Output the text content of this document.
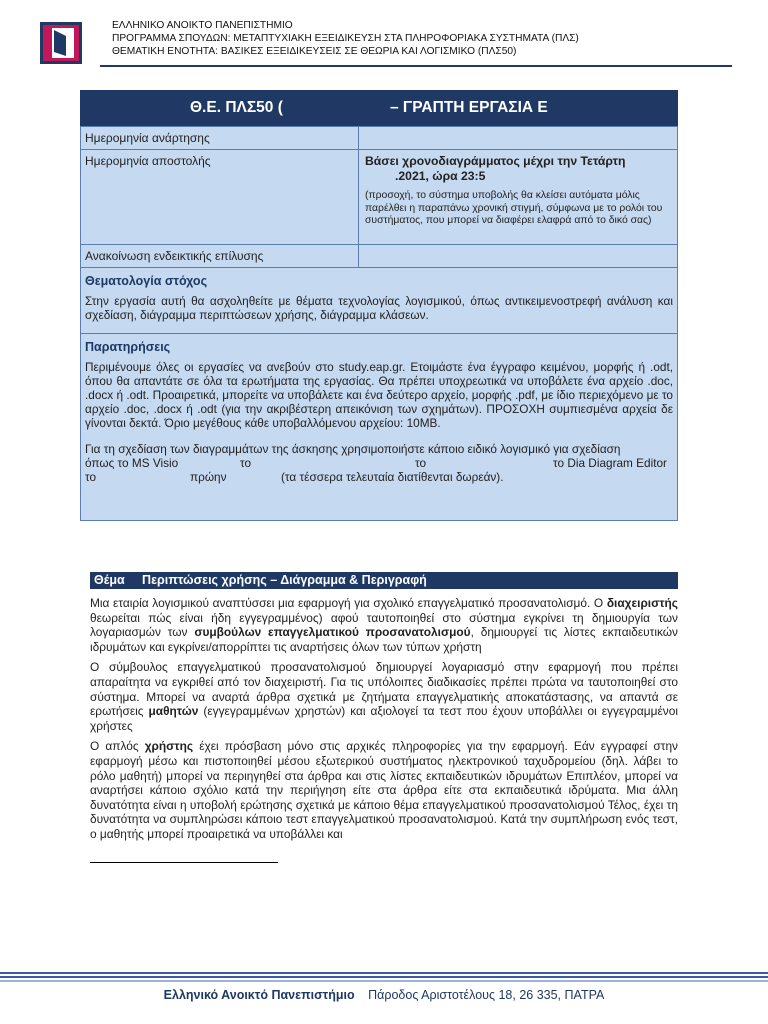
ΕΛΛΗΝΙΚΟ ΑΝΟΙΚΤΟ ΠΑΝΕΠΙΣΤΗΜΙΟ
ΠΡΟΓΡΑΜΜΑ ΣΠΟΥΔΩΝ: ΜΕΤΑΠΤΥΧΙΑΚΗ ΕΞΕΙΔΙΚΕΥΣΗ ΣΤΑ ΠΛΗΡΟΦΟΡΙΑΚΑ ΣΥΣΤΗΜΑΤΑ (ΠΛΣ)
ΘΕΜΑΤΙΚΗ ΕΝΟΤΗΤΑ: ΒΑΣΙΚΕΣ ΕΞΕΙΔΙΚΕΥΣΕΙΣ ΣΕ ΘΕΩΡΙΑ ΚΑΙ ΛΟΓΙΣΜΙΚΟ (ΠΛΣ50)
Θ.Ε. ΠΛΣ50 (	– ΓΡΑΠΤΗ ΕΡΓΑΣΙΑ Ε
Ημερομηνία ανάρτησης
Ημερομηνία αποστολής	Βάσει χρονοδιαγράμματος μέχρι την Τετάρτη
.2021, ώρα 23:5
(προσοχή, το σύστημα υποβολής θα κλείσει αυτόματα μόλις παρέλθει η παραπάνω χρονική στιγμή, σύμφωνα με το ρολόι του συστήματος, που μπορεί να διαφέρει ελαφρά από το δικό σας)
Ανακοίνωση ενδεικτικής επίλυσης
Θεματολογία στόχος
Στην εργασία αυτή θα ασχοληθείτε με θέματα τεχνολογίας λογισμικού, όπως αντικειμενοστρεφή ανάλυση και σχεδίαση, διάγραμμα περιπτώσεων χρήσης, διάγραμμα κλάσεων.
Παρατηρήσεις

Περιμένουμε όλες οι εργασίες να ανεβούν στο study.eap.gr. Ετοιμάστε ένα έγγραφο κειμένου, μορφής ή .odt, όπου θα απαντάτε σε όλα τα ερωτήματα της εργασίας. Θα πρέπει υποχρεωτικά να υποβάλετε ένα αρχείο .doc, .docx ή .odt. Προαιρετικά, μπορείτε να υποβάλετε και ένα δεύτερο αρχείο, μορφής .pdf, με ίδιο περιεχόμενο με το αρχείο .doc, .docx ή .odt (για την ακριβέστερη απεικόνιση των σχημάτων). ΠΡΟΣΟΧΗ συμπιεσμένα αρχεία δε γίνονται δεκτά. Όριο μεγέθους κάθε υποβαλλόμενου αρχείου: 10MB.

Για τη σχεδίαση των διαγραμμάτων της άσκησης χρησιμοποιήστε κάποιο ειδικό λογισμικό για σχεδίαση
όπως το MS Visio	το	το	το Dia Diagram Editor
το	πρώην	(τα τέσσερα τελευταία διατίθενται δωρεάν).
Θέμα     Περιπτώσεις χρήσης – Διάγραμμα & Περιγραφή

Μια εταιρία λογισμικού αναπτύσσει μια εφαρμογή για σχολικό επαγγελματικό προσανατολισμό. Ο διαχειριστής θεωρείται πώς είναι ήδη εγγεγραμμένος) αφού ταυτοποιηθεί στο σύστημα εγκρίνει τη δημιουργία των λογαριασμών των συμβούλων επαγγελματικού προσανατολισμού, δημιουργεί τις λίστες εκπαιδευτικών ιδρυμάτων και εγκρίνει/απορρίπτει τις αναρτήσεις όλων των τύπων χρήστη

Ο σύμβουλος επαγγελματικού προσανατολισμού δημιουργεί λογαριασμό στην εφαρμογή που πρέπει απαραίτητα να εγκριθεί από τον διαχειριστή. Για τις υπόλοιπες διαδικασίες πρέπει πρώτα να ταυτοποιηθεί στο σύστημα. Μπορεί να αναρτά άρθρα σχετικά με ζητήματα επαγγελματικής αποκατάστασης, να απαντά σε ερωτήσεις μαθητών (εγγεγραμμένων χρηστών) και αξιολογεί τα τεστ που έχουν υποβάλλει οι εγγεγραμμένοι χρήστες

Ο απλός χρήστης έχει πρόσβαση μόνο στις αρχικές πληροφορίες για την εφαρμογή. Εάν εγγραφεί στην εφαρμογή μέσω και πιστοποιηθεί μέσου εξωτερικού συστήματος ηλεκτρονικού ταχυδρομείου (δηλ. λάβει το ρόλο μαθητή) μπορεί να περιηγηθεί στα άρθρα και στις λίστες εκπαιδευτικών ιδρυμάτων Επιπλέον, μπορεί να αναρτήσει κάποιο σχόλιο κατά την περιήγηση είτε στα άρθρα είτε στα εκπαιδευτικά ιδρύματα. Μια άλλη δυνατότητα είναι η υποβολή ερώτησης σχετικά με κάποιο θέμα επαγγελματικού προσανατολισμού Τέλος, έχει τη δυνατότητα να συμπληρώσει κάποιο τεστ επαγγελματικού προσανατολισμού. Κατά την συμπλήρωση ενός τεστ, ο μαθητής μπορεί προαιρετικά να υποβάλλει και

Ελληνικό Ανοικτό Πανεπιστήμιο Πάροδος Αριστοτέλους 18, 26 335, ΠΑΤΡΑ
